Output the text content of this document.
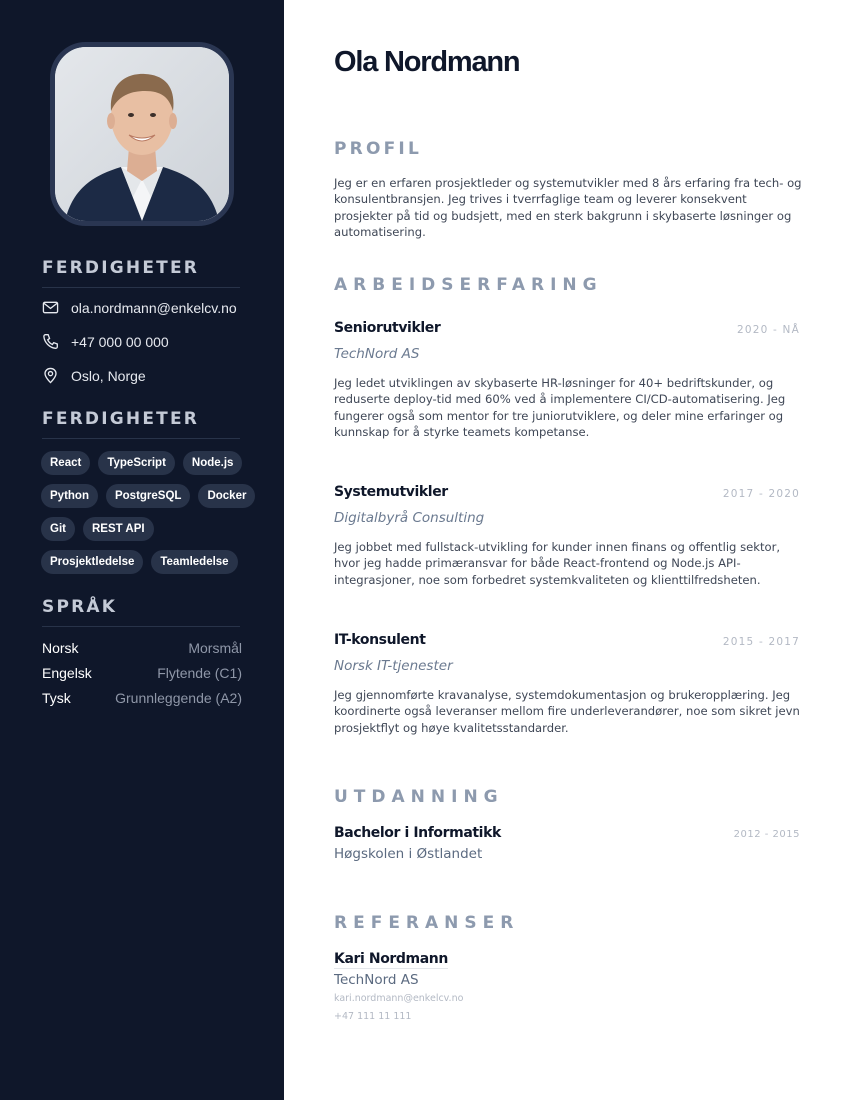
FERDIGHETER
ola.nordmann@enkelcv.no
+47 000 00 000
Oslo, Norge
FERDIGHETER
React	TypeScript	Node.js
Python	PostgreSQL	Docker
Git	REST API
Prosjektledelse	Teamledelse
SPRÅK
Norsk	Morsmål
Engelsk	Flytende (C1)
Tysk	Grunnleggende (A2)
Ola Nordmann
PROFIL
Jeg er en erfaren prosjektleder og systemutvikler med 8 års erfaring fra tech- og konsulentbransjen. Jeg trives i tverrfaglige team og leverer konsekvent prosjekter på tid og budsjett, med en sterk bakgrunn i skybaserte løsninger og automatisering.
ARBEIDSERFARING
Seniorutvikler	2020 - NÅ
TechNord AS
Jeg ledet utviklingen av skybaserte HR-løsninger for 40+ bedriftskunder, og reduserte deploy-tid med 60% ved å implementere CI/CD-automatisering. Jeg fungerer også som mentor for tre juniorutviklere, og deler mine erfaringer og kunnskap for å styrke teamets kompetanse.
Systemutvikler	2017 - 2020
Digitalbyrå Consulting
Jeg jobbet med fullstack-utvikling for kunder innen finans og offentlig sektor, hvor jeg hadde primæransvar for både React-frontend og Node.js API-integrasjoner, noe som forbedret systemkvaliteten og klienttilfredsheten.
IT-konsulent	2015 - 2017
Norsk IT-tjenester
Jeg gjennomførte kravanalyse, systemdokumentasjon og brukeropplæring. Jeg koordinerte også leveranser mellom fire underleverandører, noe som sikret jevn prosjektflyt og høye kvalitetsstandarder.
UTDANNING
Bachelor i Informatikk	2012 - 2015
Høgskolen i Østlandet
REFERANSER
Kari Nordmann
TechNord AS
kari.nordmann@enkelcv.no
+47 111 11 111
